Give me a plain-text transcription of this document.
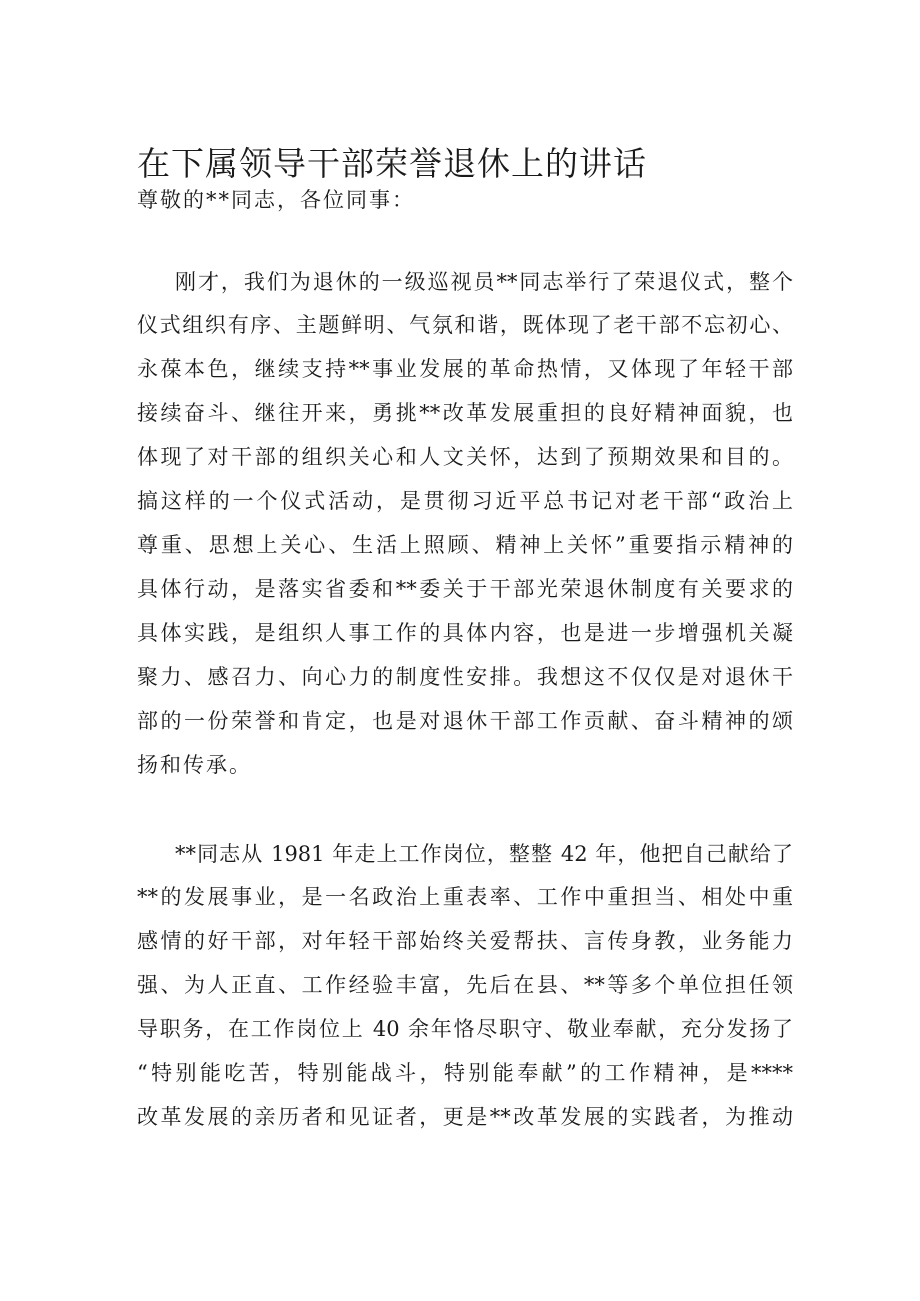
在下属领导干部荣誉退休上的讲话
尊敬的**同志，各位同事：
刚才，我们为退休的一级巡视员**同志举行了荣退仪式，整个
仪式组织有序、主题鲜明、气氛和谐，既体现了老干部不忘初心、
永葆本色，继续支持**事业发展的革命热情，又体现了年轻干部
接续奋斗、继往开来，勇挑**改革发展重担的良好精神面貌，也
体现了对干部的组织关心和人文关怀，达到了预期效果和目的。
搞这样的一个仪式活动，是贯彻习近平总书记对老干部“政治上
尊重、思想上关心、生活上照顾、精神上关怀”重要指示精神的
具体行动，是落实省委和**委关于干部光荣退休制度有关要求的
具体实践，是组织人事工作的具体内容，也是进一步增强机关凝
聚力、感召力、向心力的制度性安排。我想这不仅仅是对退休干
部的一份荣誉和肯定，也是对退休干部工作贡献、奋斗精神的颂
扬和传承。
**同志从 1981 年走上工作岗位，整整 42 年，他把自己献给了
**的发展事业，是一名政治上重表率、工作中重担当、相处中重
感情的好干部，对年轻干部始终关爱帮扶、言传身教，业务能力
强、为人正直、工作经验丰富，先后在县、**等多个单位担任领
导职务，在工作岗位上 40 余年恪尽职守、敬业奉献，充分发扬了
“特别能吃苦，特别能战斗，特别能奉献”的工作精神，是****
改革发展的亲历者和见证者，更是**改革发展的实践者，为推动
